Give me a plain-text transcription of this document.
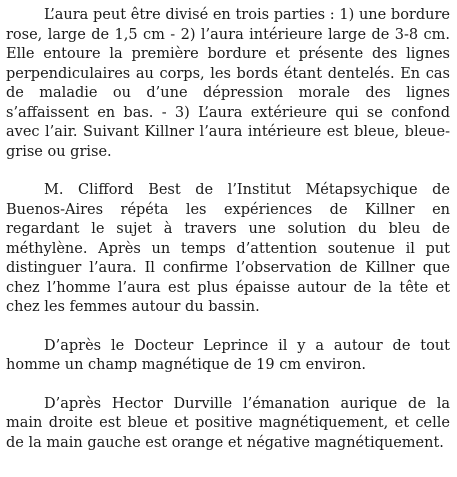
L’aura peut être divisé en trois parties : 1) une bordure rose, large de 1,5 cm - 2) l’aura intérieure large de 3-8 cm. Elle entoure la première bordure et présente des lignes perpendiculaires au corps, les bords étant dentelés. En cas de maladie ou d’une dépression morale des lignes s’affaissent en bas. - 3) L’aura extérieure qui se confond avec l’air. Suivant Killner l’aura intérieure est bleue, bleue-grise ou grise.

M. Clifford Best de l’Institut Métapsychique de Buenos-Aires répéta les expériences de Killner en regardant le sujet à travers une solution du bleu de méthylène. Après un temps d’attention soutenue il put distinguer l’aura. Il confirme l’observation de Killner que chez l’homme l’aura est plus épaisse autour de la tête et chez les femmes autour du bassin.

D’après le Docteur Leprince il y a autour de tout homme un champ magnétique de 19 cm environ.

D’après Hector Durville l’émanation aurique de la main droite est bleue et positive magnétiquement, et celle de la main gauche est orange et négative magnétiquement.
